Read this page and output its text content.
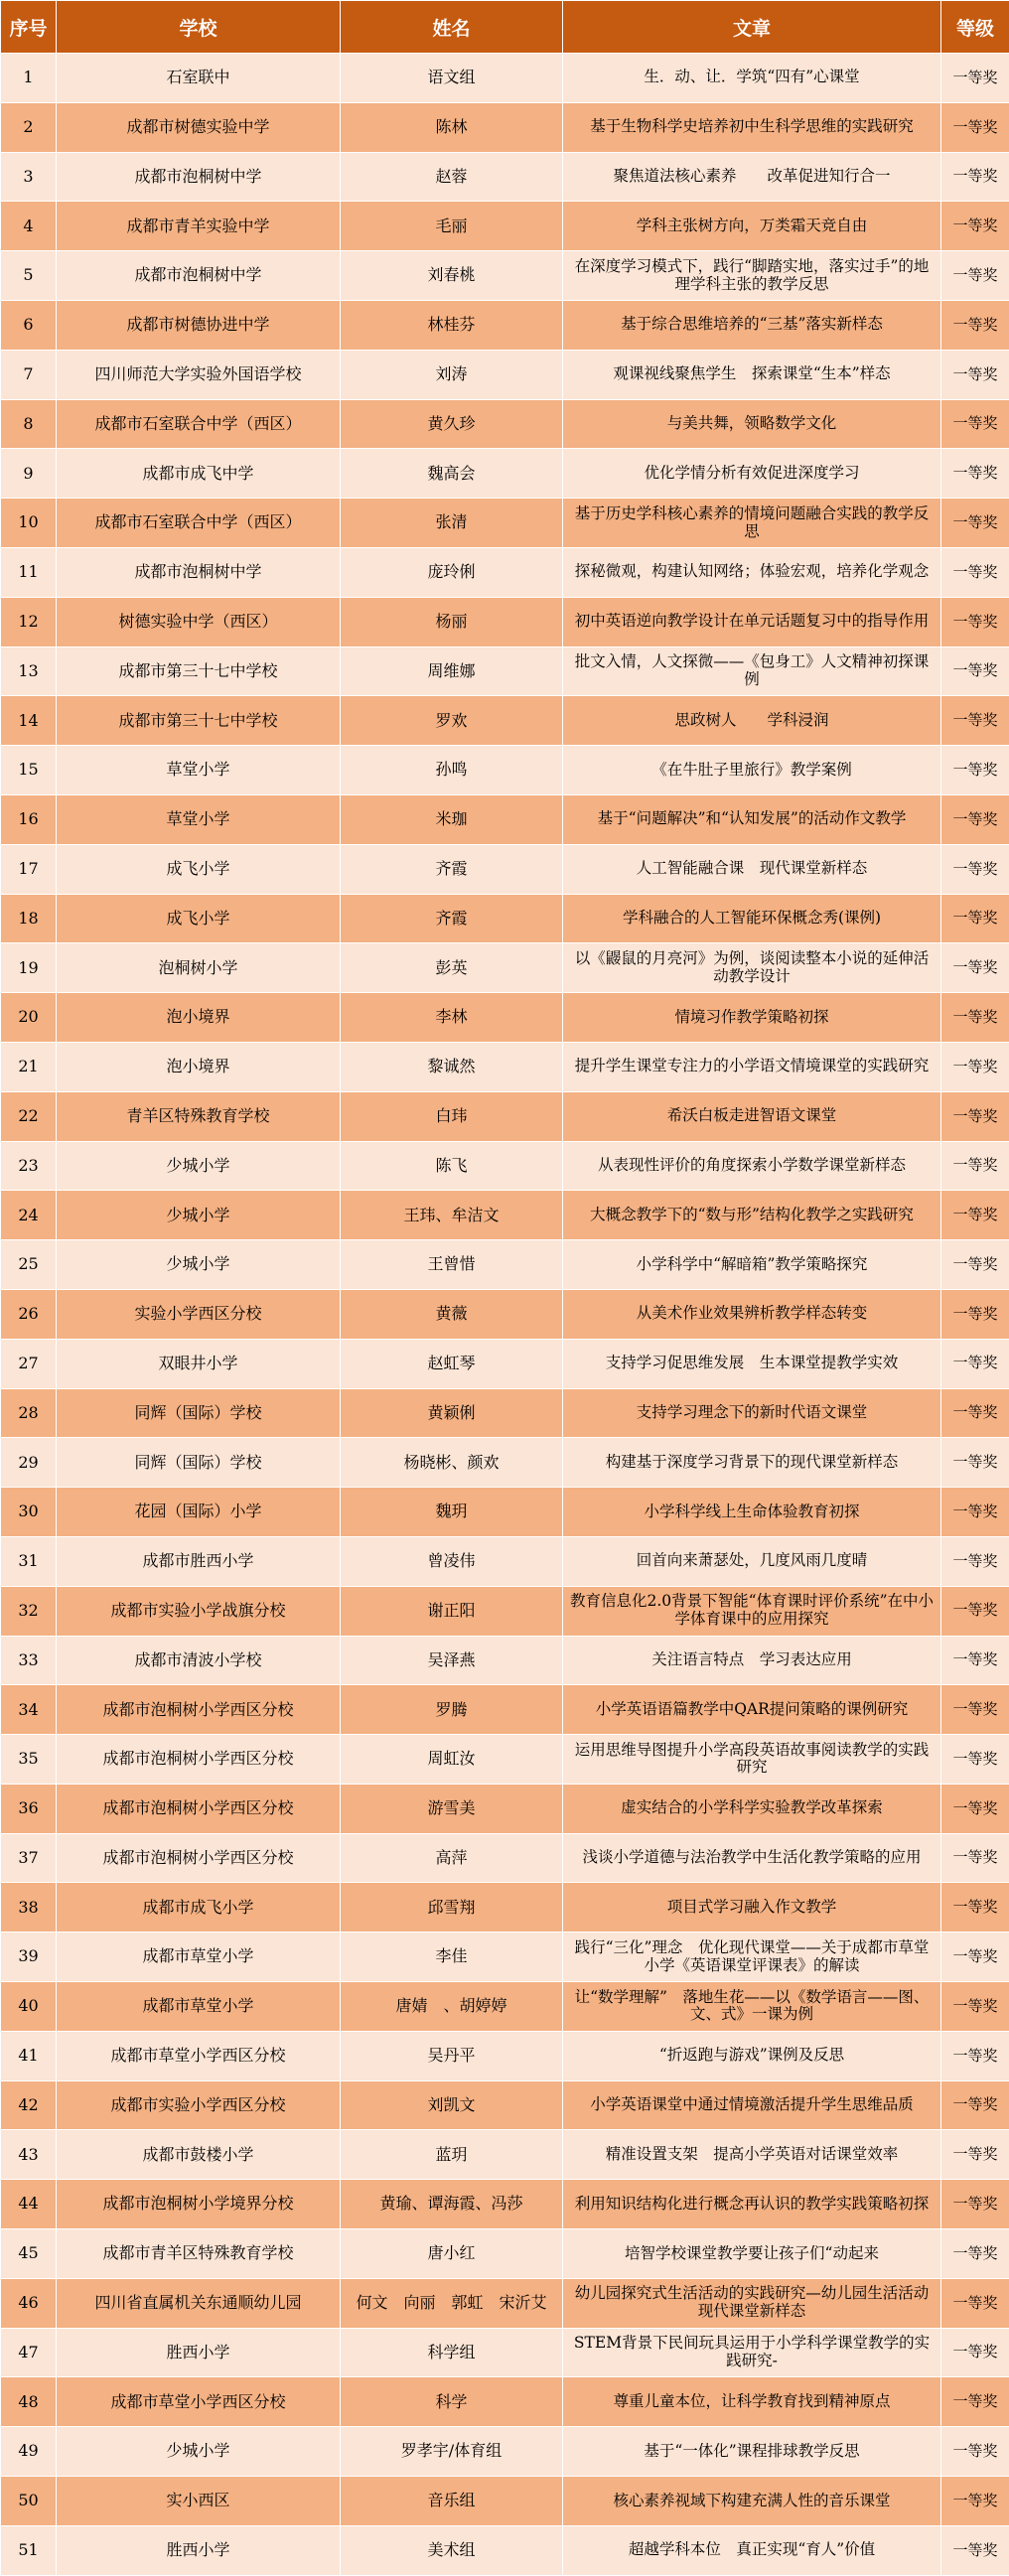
序号	学校	姓名	文章	等级
1	石室联中	语文组	生．动、让．学筑“四有”心课堂	一等奖
2	成都市树德实验中学	陈林	基于生物科学史培养初中生科学思维的实践研究	一等奖
3	成都市泡桐树中学	赵蓉	聚焦道法核心素养　　改革促进知行合一	一等奖
4	成都市青羊实验中学	毛丽	学科主张树方向，万类霜天竞自由	一等奖
5	成都市泡桐树中学	刘春桃	在深度学习模式下，践行“脚踏实地，落实过手”的地理学科主张的教学反思	一等奖
6	成都市树德协进中学	林桂芬	基于综合思维培养的“三基”落实新样态	一等奖
7	四川师范大学实验外国语学校	刘涛	观课视线聚焦学生　探索课堂“生本”样态	一等奖
8	成都市石室联合中学（西区）	黄久珍	与美共舞，领略数学文化	一等奖
9	成都市成飞中学	魏高会	优化学情分析有效促进深度学习	一等奖
10	成都市石室联合中学（西区）	张清	基于历史学科核心素养的情境问题融合实践的教学反思	一等奖
11	成都市泡桐树中学	庞玲俐	探秘微观，构建认知网络；体验宏观，培养化学观念	一等奖
12	树德实验中学（西区）	杨丽	初中英语逆向教学设计在单元话题复习中的指导作用	一等奖
13	成都市第三十七中学校	周维娜	批文入情，人文探微——《包身工》人文精神初探课例	一等奖
14	成都市第三十七中学校	罗欢	思政树人　　学科浸润	一等奖
15	草堂小学	孙鸣	《在牛肚子里旅行》教学案例	一等奖
16	草堂小学	米珈	基于“问题解决”和“认知发展”的活动作文教学	一等奖
17	成飞小学	齐霞	人工智能融合课　现代课堂新样态	一等奖
18	成飞小学	齐霞	学科融合的人工智能环保概念秀(课例)	一等奖
19	泡桐树小学	彭英	以《鼹鼠的月亮河》为例，谈阅读整本小说的延伸活动教学设计	一等奖
20	泡小境界	李林	情境习作教学策略初探	一等奖
21	泡小境界	黎诚然	提升学生课堂专注力的小学语文情境课堂的实践研究	一等奖
22	青羊区特殊教育学校	白玮	希沃白板走进智语文课堂	一等奖
23	少城小学	陈飞	从表现性评价的角度探索小学数学课堂新样态	一等奖
24	少城小学	王玮、牟洁文	大概念教学下的“数与形”结构化教学之实践研究	一等奖
25	少城小学	王曾惜	小学科学中“解暗箱”教学策略探究	一等奖
26	实验小学西区分校	黄薇	从美术作业效果辨析教学样态转变	一等奖
27	双眼井小学	赵虹琴	支持学习促思维发展　生本课堂提教学实效	一等奖
28	同辉（国际）学校	黄颖俐	支持学习理念下的新时代语文课堂	一等奖
29	同辉（国际）学校	杨晓彬、颜欢	构建基于深度学习背景下的现代课堂新样态	一等奖
30	花园（国际）小学	魏玥	小学科学线上生命体验教育初探	一等奖
31	成都市胜西小学	曾凌伟	回首向来萧瑟处，几度风雨几度晴	一等奖
32	成都市实验小学战旗分校	谢正阳	教育信息化2.0背景下智能“体育课时评价系统”在中小学体育课中的应用探究	一等奖
33	成都市清波小学校	吴泽燕	关注语言特点　学习表达应用	一等奖
34	成都市泡桐树小学西区分校	罗腾	小学英语语篇教学中QAR提问策略的课例研究	一等奖
35	成都市泡桐树小学西区分校	周虹汝	运用思维导图提升小学高段英语故事阅读教学的实践研究	一等奖
36	成都市泡桐树小学西区分校	游雪美	虚实结合的小学科学实验教学改革探索	一等奖
37	成都市泡桐树小学西区分校	高萍	浅谈小学道德与法治教学中生活化教学策略的应用	一等奖
38	成都市成飞小学	邱雪翔	项目式学习融入作文教学	一等奖
39	成都市草堂小学	李佳	践行“三化”理念　优化现代课堂——关于成都市草堂小学《英语课堂评课表》的解读	一等奖
40	成都市草堂小学	唐婧　、胡婷婷	让“数学理解”　落地生花——以《数学语言——图、文、式》一课为例	一等奖
41	成都市草堂小学西区分校	吴丹平	“折返跑与游戏”课例及反思	一等奖
42	成都市实验小学西区分校	刘凯文	小学英语课堂中通过情境激活提升学生思维品质	一等奖
43	成都市鼓楼小学	蓝玥	精准设置支架　提高小学英语对话课堂效率	一等奖
44	成都市泡桐树小学境界分校	黄瑜、谭海霞、冯莎	利用知识结构化进行概念再认识的教学实践策略初探	一等奖
45	成都市青羊区特殊教育学校	唐小红	培智学校课堂教学要让孩子们“动起来	一等奖
46	四川省直属机关东通顺幼儿园	何文　向丽　郭虹　宋沂艾	幼儿园探究式生活活动的实践研究—幼儿园生活活动现代课堂新样态	一等奖
47	胜西小学	科学组	STEM背景下民间玩具运用于小学科学课堂教学的实践研究-	一等奖
48	成都市草堂小学西区分校	科学	尊重儿童本位，让科学教育找到精神原点	一等奖
49	少城小学	罗孝宇/体育组	基于“一体化”课程排球教学反思	一等奖
50	实小西区	音乐组	核心素养视域下构建充满人性的音乐课堂	一等奖
51	胜西小学	美术组	超越学科本位　真正实现“育人”价值	一等奖
